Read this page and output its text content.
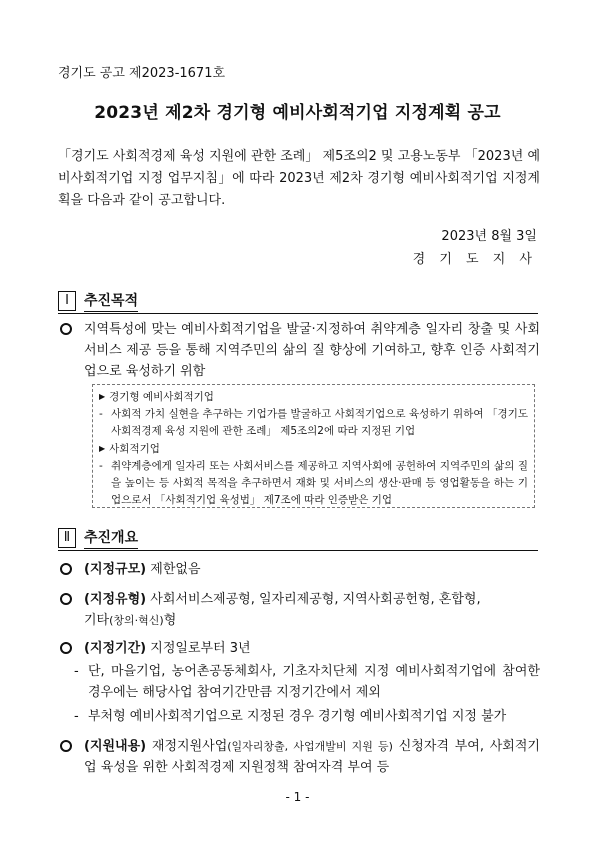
경기도 공고 제2023-1671호
2023년 제2차 경기형 예비사회적기업 지정계획 공고
「경기도 사회적경제 육성 지원에 관한 조례」 제5조의2 및 고용노동부 「2023년 예비사회적기업 지정 업무지침」에 따라 2023년 제2차 경기형 예비사회적기업 지정계획을 다음과 같이 공고합니다.
2023년 8월 3일
경 기 도 지 사
Ⅰ	추진목적
지역특성에 맞는 예비사회적기업을 발굴·지정하여 취약계층 일자리 창출 및 사회서비스 제공 등을 통해 지역주민의 삶의 질 향상에 기여하고, 향후 인증 사회적기업으로 육성하기 위함
▶ 경기형 예비사회적기업
- 사회적 가치 실현을 추구하는 기업가를 발굴하고 사회적기업으로 육성하기 위하여 「경기도 사회적경제 육성 지원에 관한 조례」 제5조의2에 따라 지정된 기업
▶ 사회적기업
- 취약계층에게 일자리 또는 사회서비스를 제공하고 지역사회에 공헌하여 지역주민의 삶의 질을 높이는 등 사회적 목적을 추구하면서 재화 및 서비스의 생산·판매 등 영업활동을 하는 기업으로서 「사회적기업 육성법」 제7조에 따라 인증받은 기업
Ⅱ 추진개요
(지정규모) 제한없음
(지정유형) 사회서비스제공형, 일자리제공형, 지역사회공헌형, 혼합형,
기타(창의·혁신)형
(지정기간) 지정일로부터 3년
- 단, 마을기업, 농어촌공동체회사, 기초자치단체 지정 예비사회적기업에 참여한 경우에는 해당사업 참여기간만큼 지정기간에서 제외
- 부처형 예비사회적기업으로 지정된 경우 경기형 예비사회적기업 지정 불가
(지원내용) 재정지원사업(일자리창출, 사업개발비 지원 등) 신청자격 부여, 사회적기업 육성을 위한 사회적경제 지원정책 참여자격 부여 등
- 1 -
